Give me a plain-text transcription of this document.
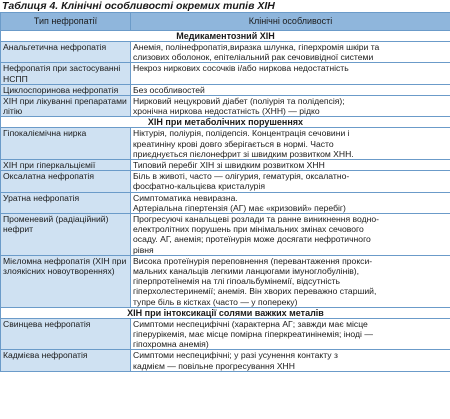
Таблиця 4. Клінічні особливості окремих типів ХІН
Тип нефропатії	Клінічні особливості
Медикаментозний ХІН	

Анальгетична нефропатія	Анемія, полінефропатія,виразка шлунка, гіперхромія шкіри та
слизових оболонок, епітеліальний рак сечовивідної системи

Нефропатія при застосуванні
НСПП	Некроз ниркових сосочків і/або ниркова недостатність

Циклоспоринова нефропатія	Без особливостей

ХІН при лікуванні препаратами
літію	Нирковий нецукровий діабет (поліурія та полідепсія);
хронічна ниркова недостатність (ХНН) — рідко

ХІН при метаболічних порушеннях	

Гіпокаліємічна нирка	Ніктурія, поліурія, полідепсія. Концентрація сечовини і
креатиніну крові довго зберігається в нормі. Часто
приєднується пієлонефрит зі швидким розвитком ХНН.

ХІН при гіперкальціємії	Типовий перебіг ХІН зі швидким розвитком ХНН

Оксалатна нефропатія	Біль в животі, часто — олігурия, гематурія, оксалатно-
фосфатно-кальцієва кристалурія

Уратна нефропатія	Симптоматика невиразна.
Артеріальна гіпертензія (АГ) має «кризовий» перебіг)

Променевий (радіаційний)
нефрит	Прогресуючі канальцеві розлади та ранне виникнення водно-
електролітних порушень при мінімальних змінах сечового
осаду. АГ, анемія; протеїнурія може досягати нефротичного
рівня

Мієломна нефропатія (ХІН при
злоякісних новоутвореннях)	Висока протеїнурія переповнення (перевантаження прокси-
мальних канальців легкими ланцюгами імуноглобулінів),
гіперпротеїнемія на тлі гіпоальбумінемії, відсутність
гіперхолестеринемії; анемія. Він хворих переважно старший,
тупре біль в кістках (часто — у попереку)

ХІН при інтоксикації солями важких металів	

Свинцева нефропатія	Симптоми неспецифічні (характерна АГ; завжди має місце
гіперурікемія, має місце помірна гіперкреатинінемія; іноді —
гіпохромна анемія)

Кадмієва нефропатія	Симптоми неспецифічні; у разі усунення контакту з
кадмієм — повільне прогресування ХНН
